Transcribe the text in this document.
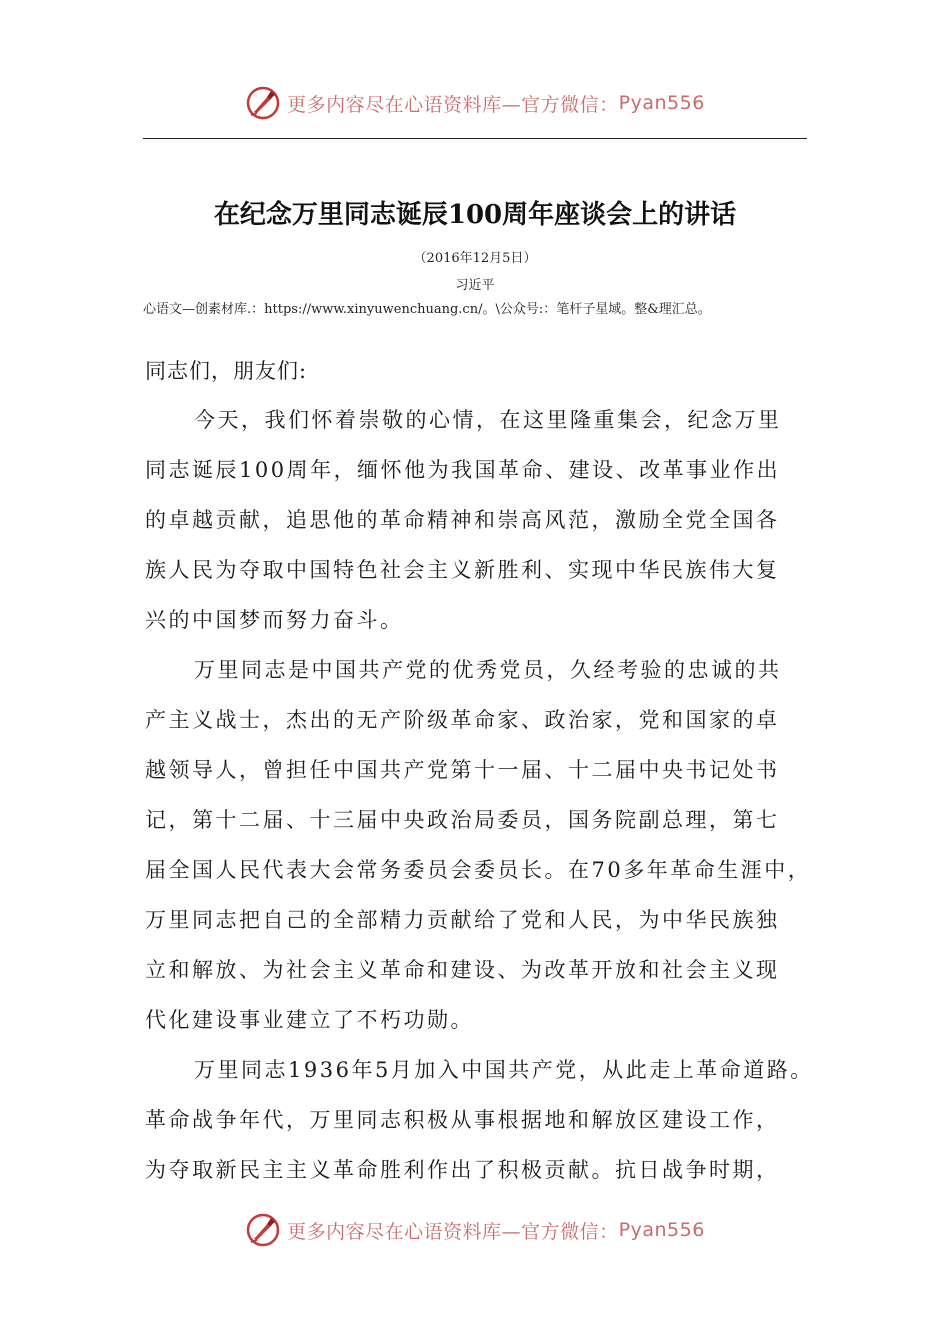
更多内容尽在心语资料库—官方微信： Pyan556
在纪念万里同志诞辰100周年座谈会上的讲话
（2016年12月5日）
习近平
心语文—创素材库.：https://www.xinyuwenchuang.cn/。\公众号:：笔杆子星域。整&理汇总。
同志们，朋友们:
今天，我们怀着崇敬的心情，在这里隆重集会，纪念万里
同志诞辰100周年，缅怀他为我国革命、建设、改革事业作出
的卓越贡献，追思他的革命精神和崇高风范，激励全党全国各
族人民为夺取中国特色社会主义新胜利、实现中华民族伟大复
兴的中国梦而努力奋斗。
万里同志是中国共产党的优秀党员，久经考验的忠诚的共
产主义战士，杰出的无产阶级革命家、政治家，党和国家的卓
越领导人，曾担任中国共产党第十一届、十二届中央书记处书
记，第十二届、十三届中央政治局委员，国务院副总理，第七
届全国人民代表大会常务委员会委员长。在70多年革命生涯中，
万里同志把自己的全部精力贡献给了党和人民，为中华民族独
立和解放、为社会主义革命和建设、为改革开放和社会主义现
代化建设事业建立了不朽功勋。
万里同志1936年5月加入中国共产党，从此走上革命道路。
革命战争年代，万里同志积极从事根据地和解放区建设工作，
为夺取新民主主义革命胜利作出了积极贡献。抗日战争时期，
更多内容尽在心语资料库—官方微信： Pyan556
